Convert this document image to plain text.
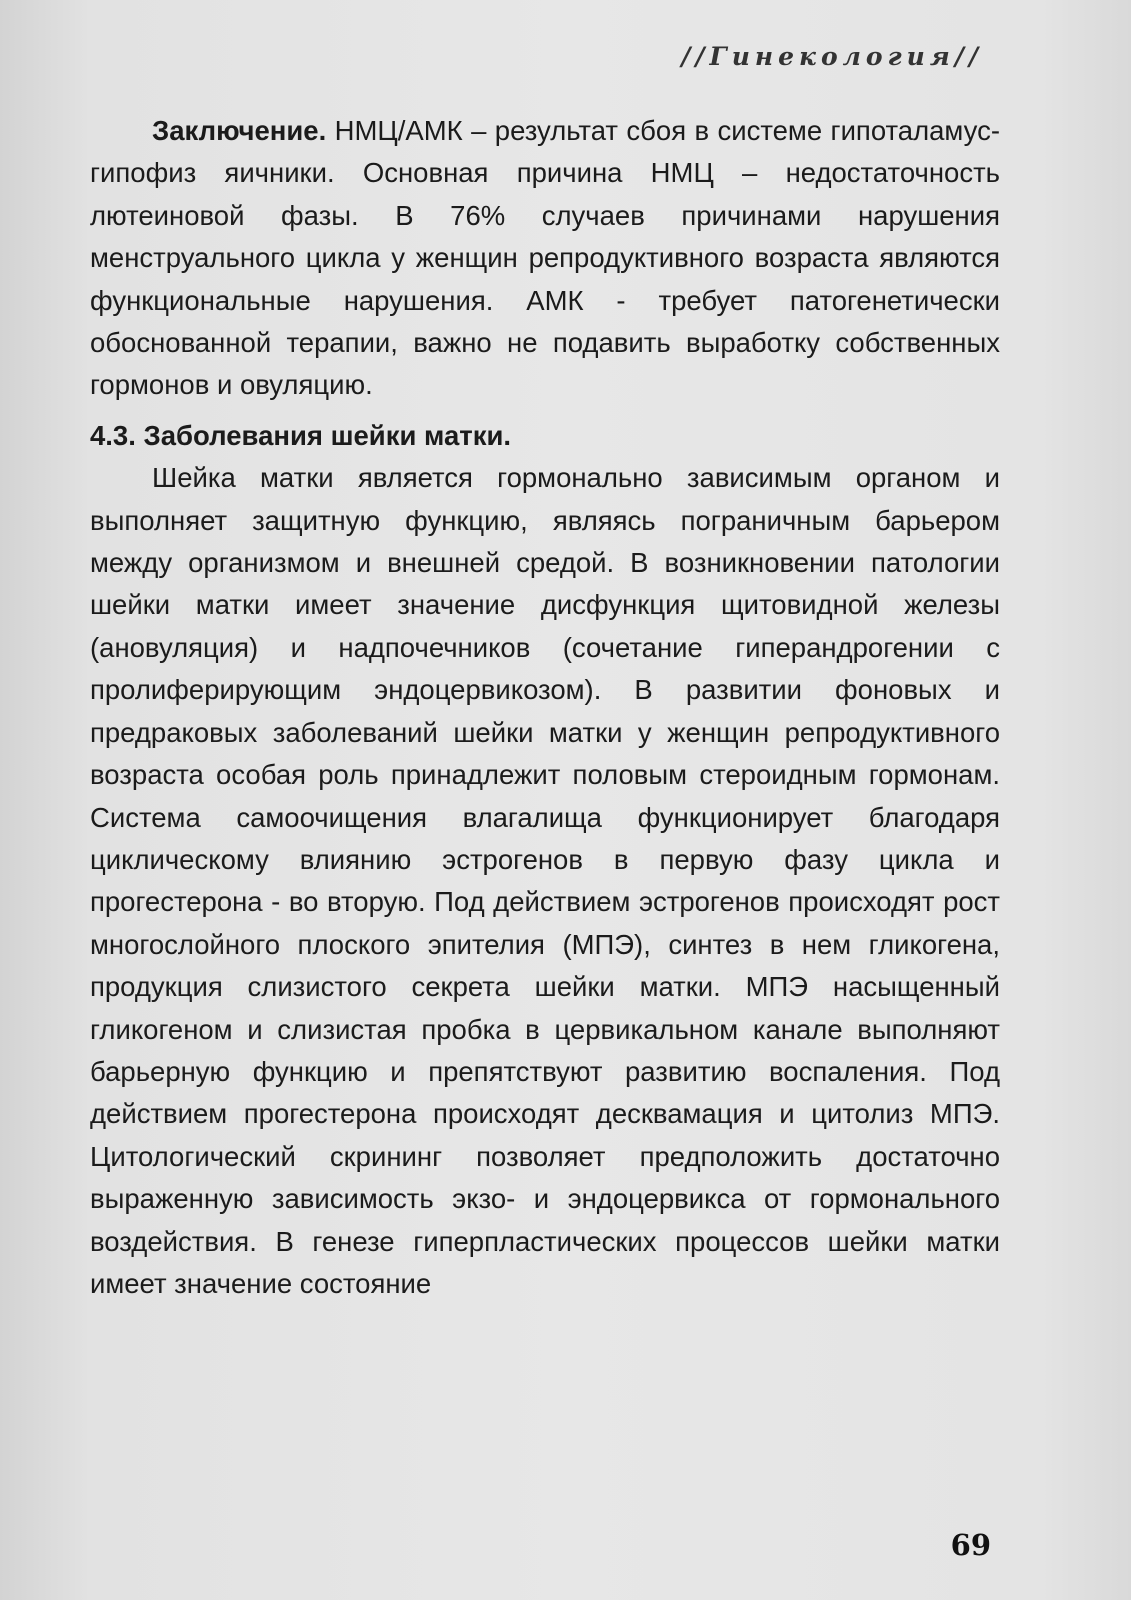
//Гинекология//

Заключение. НМЦ/АМК – результат сбоя в системе гипоталамус-гипофиз яичники. Основная причина НМЦ – недостаточность лютеиновой фазы. В 76% случаев причинами нарушения менструального цикла у женщин репродуктивного возраста являются функциональные нарушения. АМК - требует патогенетически обоснованной терапии, важно не подавить выработку собственных гормонов и овуляцию.

4.3. Заболевания шейки матки.

Шейка матки является гормонально зависимым органом и выполняет защитную функцию, являясь пограничным барьером между организмом и внешней средой. В возникновении патологии шейки матки имеет значение дисфункция щитовидной железы (ановуляция) и надпочечников (сочетание гиперандрогении с пролиферирующим эндоцервикозом). В развитии фоновых и предраковых заболеваний шейки матки у женщин репродуктивного возраста особая роль принадлежит половым стероидным гормонам. Система самоочищения влагалища функционирует благодаря циклическому влиянию эстрогенов в первую фазу цикла и прогестерона - во вторую. Под действием эстрогенов происходят рост многослойного плоского эпителия (МПЭ), синтез в нем гликогена, продукция слизистого секрета шейки матки. МПЭ насыщенный гликогеном и слизистая пробка в цервикальном канале выполняют барьерную функцию и препятствуют развитию воспаления. Под действием прогестерона происходят десквамация и цитолиз МПЭ. Цитологический скрининг позволяет предположить достаточно выраженную зависимость экзо- и эндоцервикса от гормонального воздействия. В генезе гиперпластических процессов шейки матки имеет значение состояние

69
